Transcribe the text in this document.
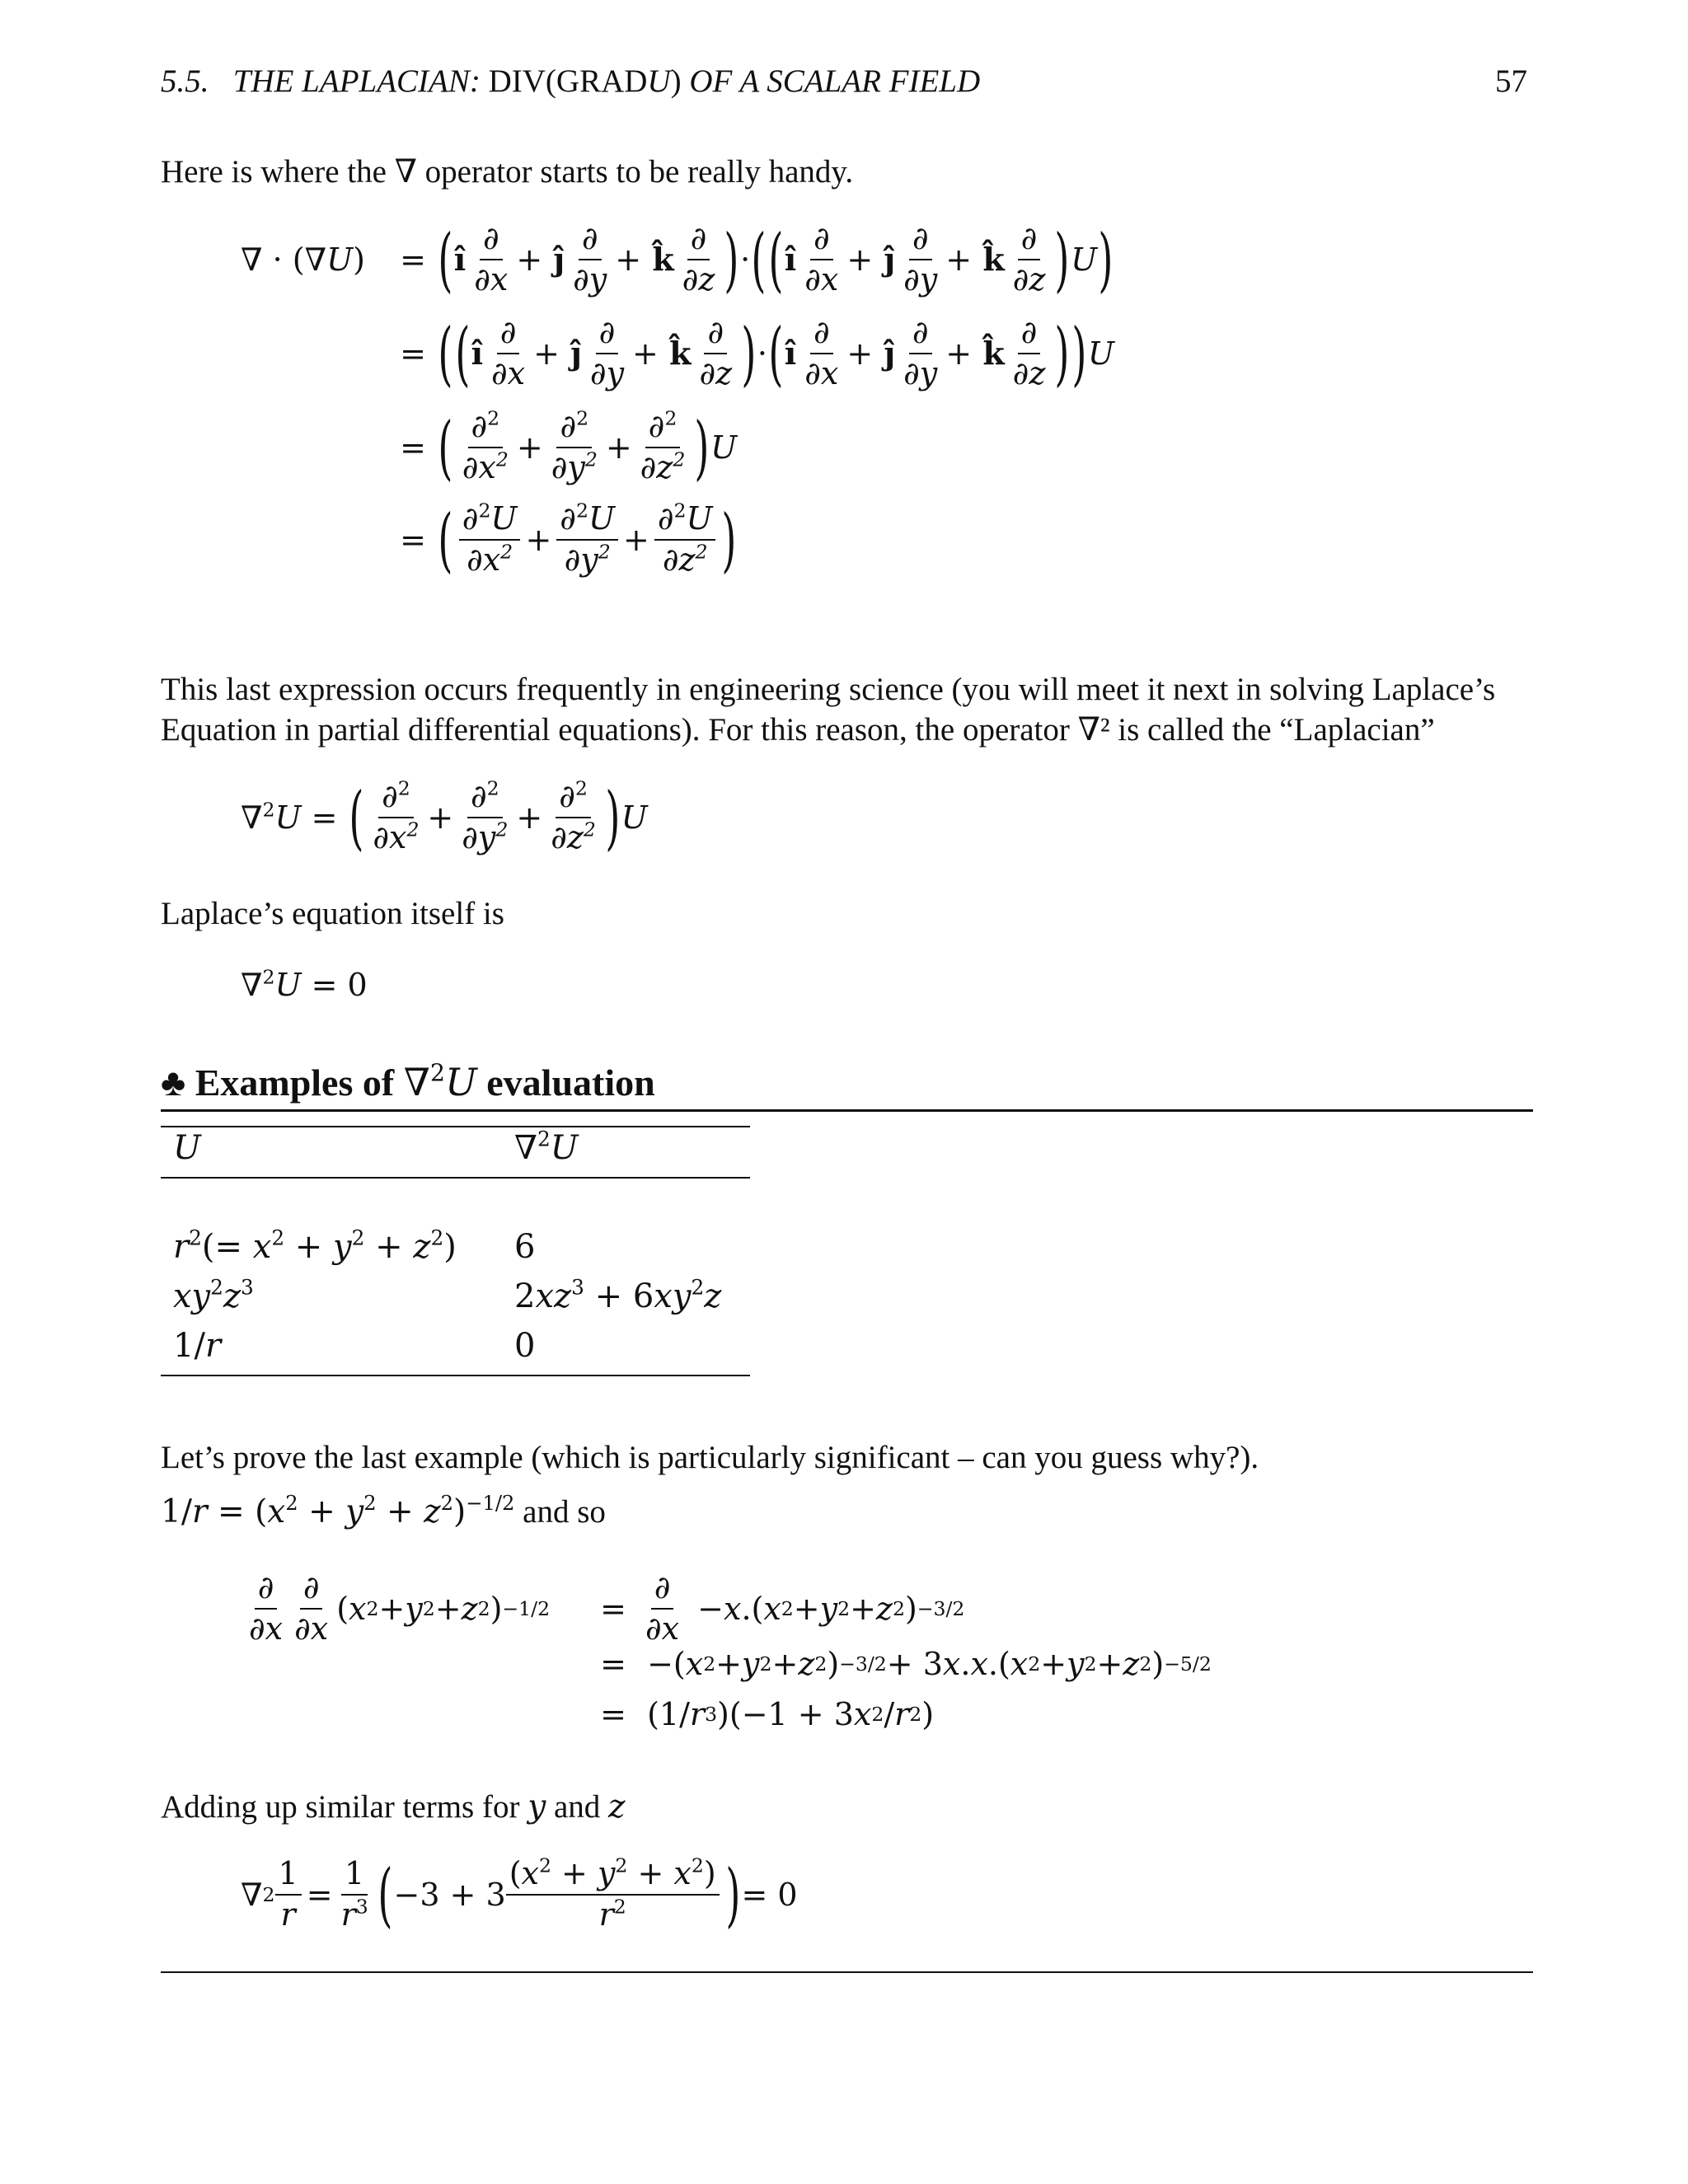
5.5. THE LAPLACIAN: DIV(GRADU) OF A SCALAR FIELD	57
Here is where the ∇ operator starts to be really handy.
∇ · (∇U)	= ( î $\frac{\partial}{\partial x}$ + ĵ $\frac{\partial}{\partial y}$ + k̂ $\frac{\partial}{\partial z}$ ) · ( ( î $\frac{\partial}{\partial x}$ + ĵ $\frac{\partial}{\partial y}$ + k̂ $\frac{\partial}{\partial z}$ ) U )
= ( ( î $\frac{\partial}{\partial x}$ + ĵ $\frac{\partial}{\partial y}$ + k̂ $\frac{\partial}{\partial z}$ ) · ( î $\frac{\partial}{\partial x}$ + ĵ $\frac{\partial}{\partial y}$ + k̂ $\frac{\partial}{\partial z}$ ) ) U
= ( $\frac{\partial^2}{\partial x^2} + \frac{\partial^2}{\partial y^2} + \frac{\partial^2}{\partial z^2}$ ) U
= ( $\frac{\partial^2U}{\partial x^2} + \frac{\partial^2U}{\partial y^2} + \frac{\partial^2U}{\partial z^2}$ )
This last expression occurs frequently in engineering science (you will meet it next in solving Laplace’s Equation in partial differential equations). For this reason, the operator ∇² is called the “Laplacian”
∇$^2$U = ( $\frac{\partial^2}{\partial x^2} + \frac{\partial^2}{\partial y^2} + \frac{\partial^2}{\partial z^2}$ ) U
Laplace’s equation itself is
∇$^2$U = 0
♣ Examples of ∇$^2$U evaluation
U	∇$^2$U
$r^2(= x^2 + y^2 + z^2)$ 6
$xy^2z^3$	$2xz^3 + 6xy^2z$
1/r	0
Let’s prove the last example (which is particularly significant – can you guess why?).
$1/r = (x^2 + y^2 + z^2)^{-1/2}$ and so
$\frac{\partial}{\partial x} \frac{\partial}{\partial x}$ ( x 2 + y 2 + z 2 ) −1/2	= $\frac{\partial}{\partial x} - x$ .( x 2 + y 2 + z 2 ) −3/2
= −( x 2 + y 2 + z 2 ) −3/2 + 3 x . x .( x 2 + y 2 + z 2 ) −5/2
= (1/ r 3 )(−1 + 3 x 2 / r 2 )
Adding up similar terms for y and z
∇ $2 \frac{1}{r} = \frac{1}{r^3}$ ( $-3 + 3 \frac{(x^2 + y^2 + x^2)}{r^2}$ ) = 0
